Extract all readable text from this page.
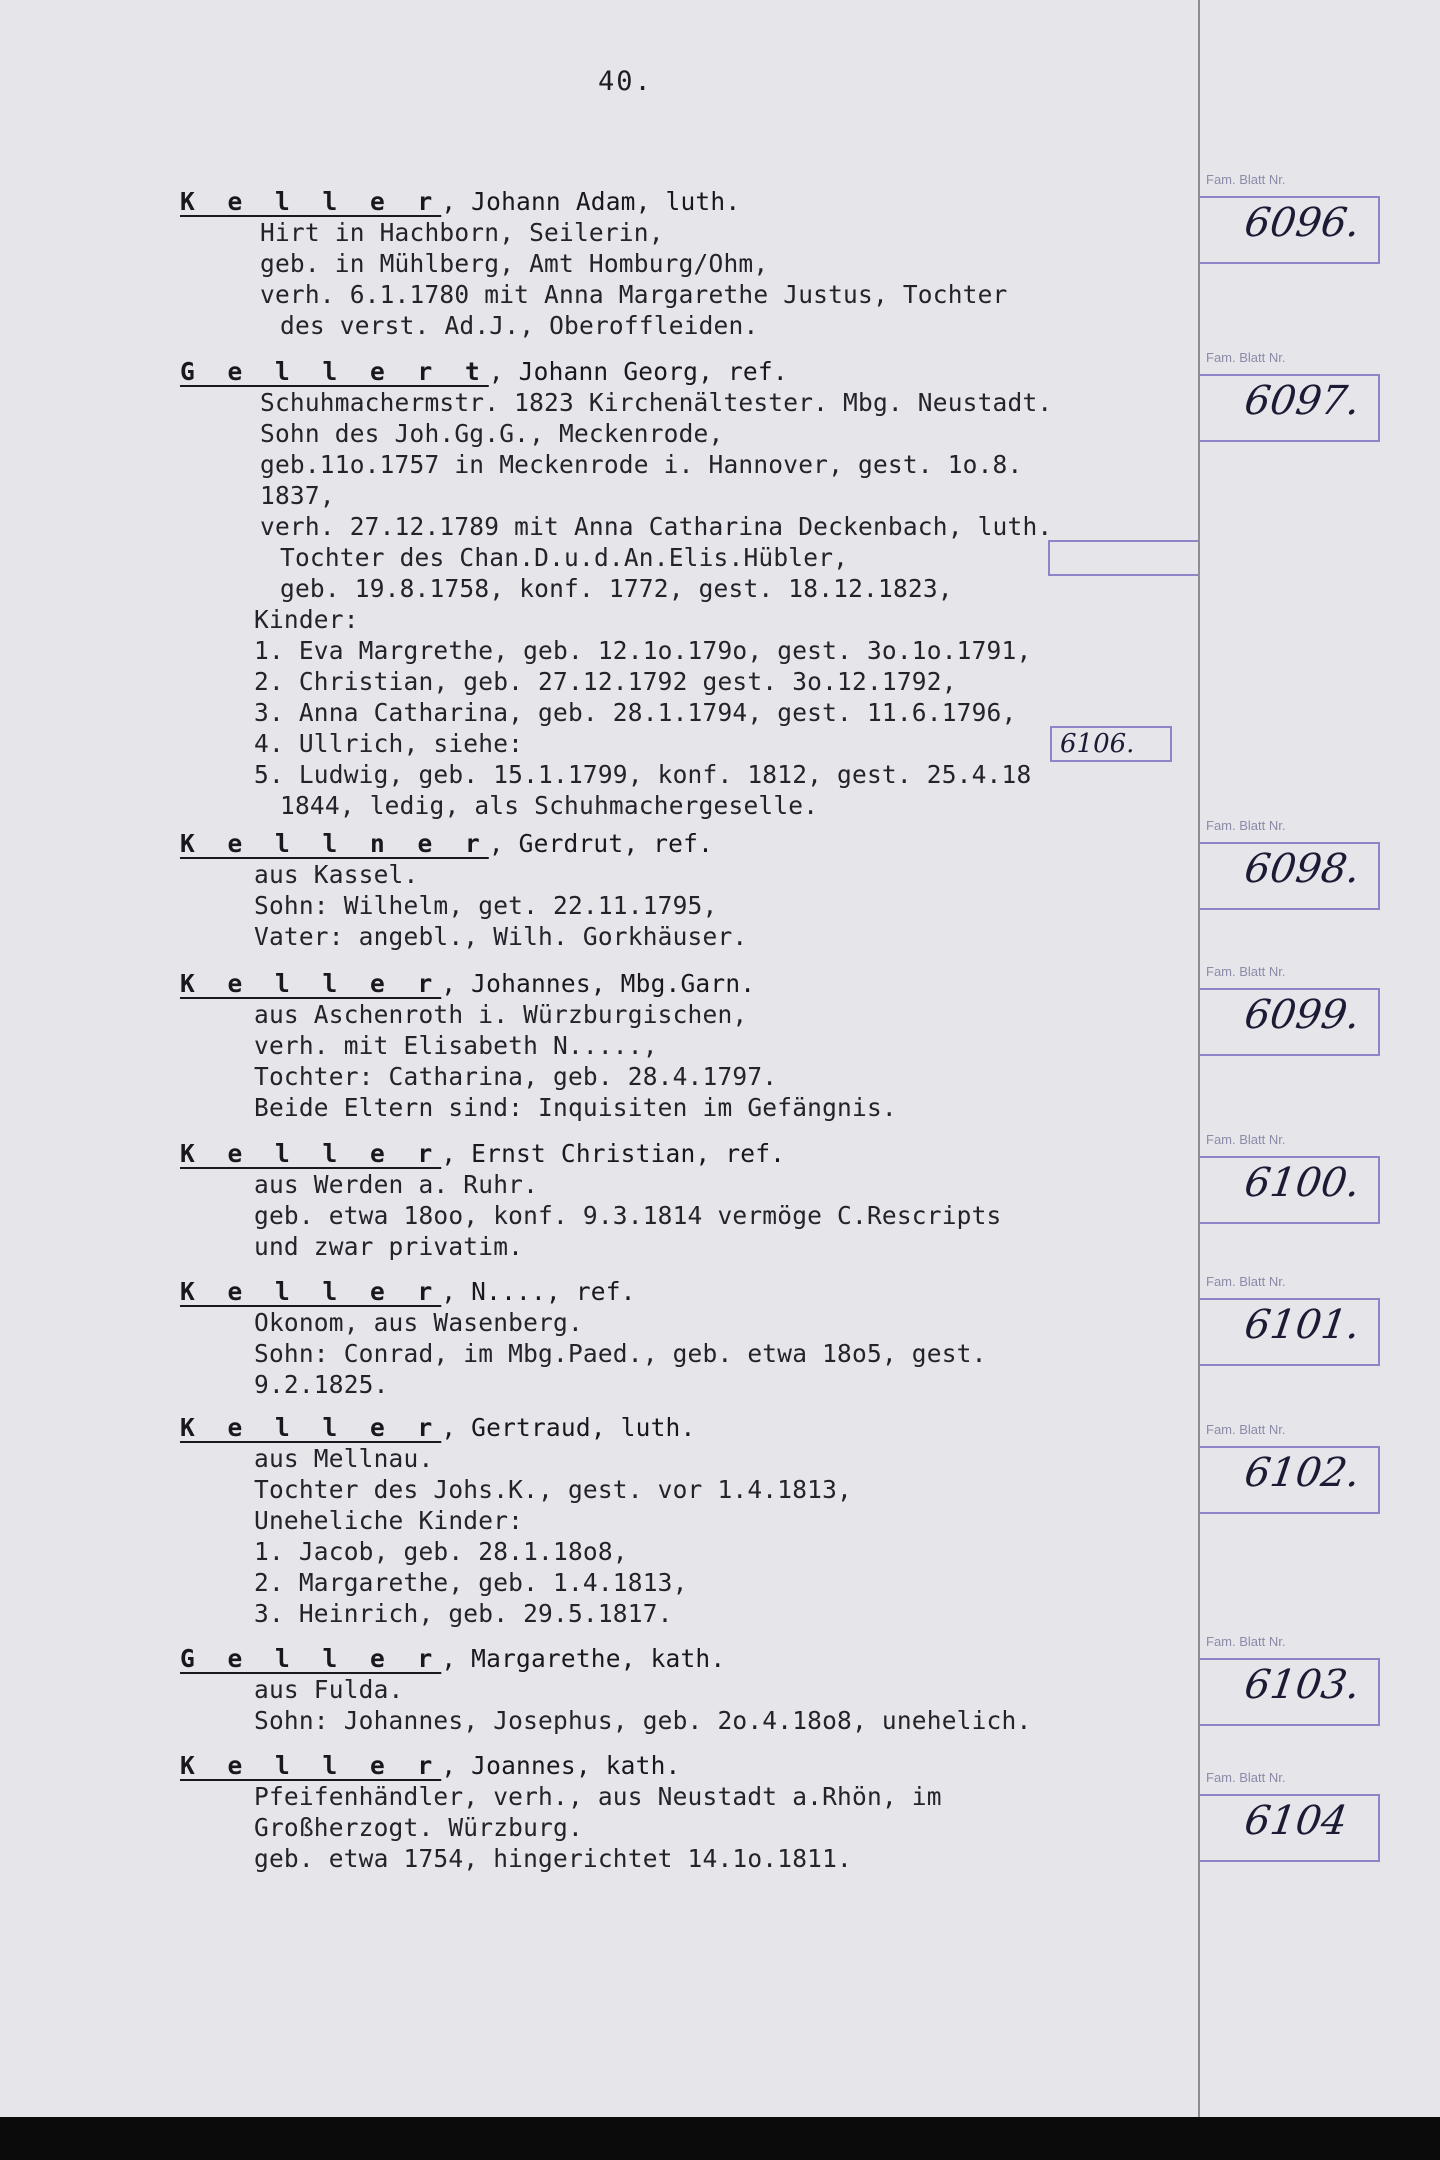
40.
K e l l e r, Johann Adam, luth.
Hirt in Hachborn, Seilerin,
geb. in Mühlberg, Amt Homburg/Ohm,
verh. 6.1.1780 mit Anna Margarethe Justus, Tochter
des verst. Ad.J., Oberoffleiden.
G e l l e r t, Johann Georg, ref.
Schuhmachermstr. 1823 Kirchenältester. Mbg. Neustadt.
Sohn des Joh.Gg.G., Meckenrode,
geb.11o.1757 in Meckenrode i. Hannover, gest. 1o.8.
1837,
verh. 27.12.1789 mit Anna Catharina Deckenbach, luth.
Tochter des Chan.D.u.d.An.Elis.Hübler,
geb. 19.8.1758, konf. 1772, gest. 18.12.1823,
Kinder:
1. Eva Margrethe, geb. 12.1o.179o, gest. 3o.1o.1791,
2. Christian, geb. 27.12.1792 gest. 3o.12.1792,
3. Anna Catharina, geb. 28.1.1794, gest. 11.6.1796,
4. Ullrich, siehe:
5. Ludwig, geb. 15.1.1799, konf. 1812, gest. 25.4.18
1844, ledig, als Schuhmachergeselle.
K e l l n e r, Gerdrut, ref.
aus Kassel.
Sohn: Wilhelm, get. 22.11.1795,
Vater: angebl., Wilh. Gorkhäuser.
K e l l e r, Johannes, Mbg.Garn.
aus Aschenroth i. Würzburgischen,
verh. mit Elisabeth N.....,
Tochter: Catharina, geb. 28.4.1797.
Beide Eltern sind: Inquisiten im Gefängnis.
K e l l e r, Ernst Christian, ref.
aus Werden a. Ruhr.
geb. etwa 18oo, konf. 9.3.1814 vermöge C.Rescripts
und zwar privatim.
K e l l e r, N...., ref.
Okonom, aus Wasenberg.
Sohn: Conrad, im Mbg.Paed., geb. etwa 18o5, gest.
9.2.1825.
K e l l e r, Gertraud, luth.
aus Mellnau.
Tochter des Johs.K., gest. vor 1.4.1813,
Uneheliche Kinder:
1. Jacob, geb. 28.1.18o8,
2. Margarethe, geb. 1.4.1813,
3. Heinrich, geb. 29.5.1817.
G e l l e r, Margarethe, kath.
aus Fulda.
Sohn: Johannes, Josephus, geb. 2o.4.18o8, unehelich.
K e l l e r, Joannes, kath.
Pfeifenhändler, verh., aus Neustadt a.Rhön, im
Großherzogt. Würzburg.
geb. etwa 1754, hingerichtet 14.1o.1811.
6106.
Fam. Blatt Nr.
6096.
Fam. Blatt Nr.
6097.
Fam. Blatt Nr.
6098.
Fam. Blatt Nr.
6099.
Fam. Blatt Nr.
6100.
Fam. Blatt Nr.
6101.
Fam. Blatt Nr.
6102.
Fam. Blatt Nr.
6103.
Fam. Blatt Nr.
6104
